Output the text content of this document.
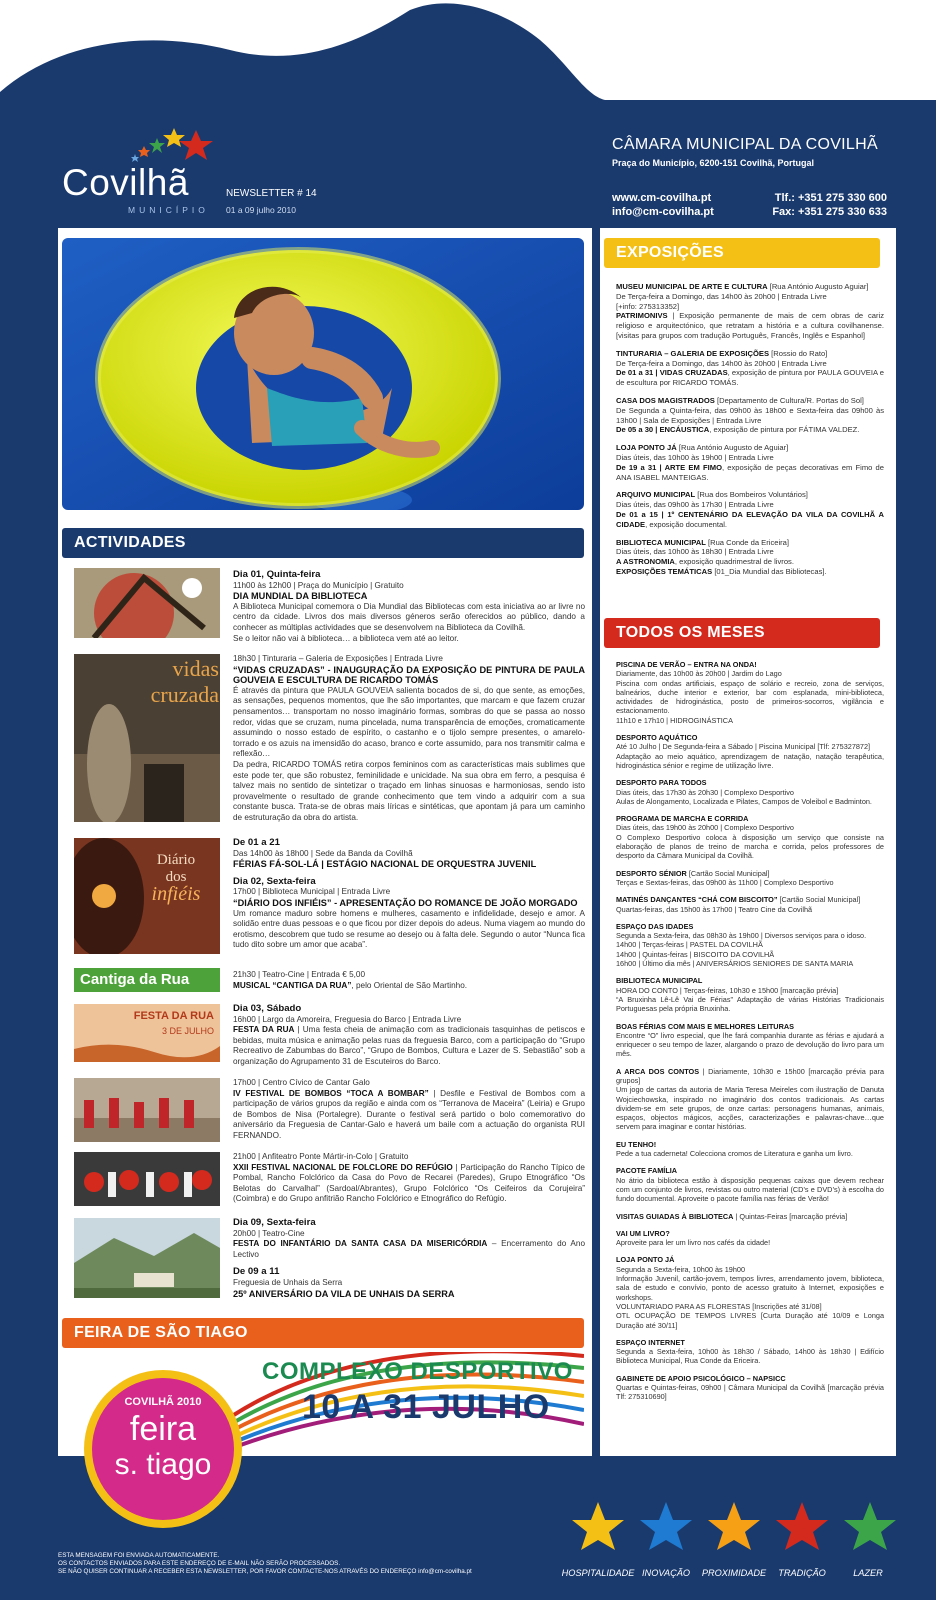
Covilhã
MUNICÍPIO
NEWSLETTER # 14
01 a 09 julho 2010
CÂMARA MUNICIPAL DA COVILHÃ
Praça do Município, 6200-151 Covilhã, Portugal
www.cm-covilha.pt
info@cm-covilha.pt
Tlf.: +351 275 330 600
Fax: +351 275 330 633
ACTIVIDADES
vidas cruzada
Diário
dos
infiéis
Cantiga da Rua
FESTA DA RUA
3 DE JULHO
Dia 01, Quinta-feira
11h00 às 12h00 | Praça do Município | Gratuito
DIA MUNDIAL DA BIBLIOTECA
A Biblioteca Municipal comemora o Dia Mundial das Bibliotecas com esta iniciativa ao ar livre no centro da cidade. Livros dos mais diversos géneros serão oferecidos ao público, dando a conhecer as múltiplas actividades que se desenvolvem na Biblioteca da Covilhã.
Se o leitor não vai à biblioteca… a biblioteca vem até ao leitor.
18h30 | Tinturaria – Galeria de Exposições | Entrada Livre
“VIDAS CRUZADAS” - INAUGURAÇÃO DA EXPOSIÇÃO DE PINTURA DE PAULA GOUVEIA E ESCULTURA DE RICARDO TOMÁS
É através da pintura que PAULA GOUVEIA salienta bocados de si, do que sente, as emoções, as sensações, pequenos momentos, que lhe são importantes, que marcam e que fazem cruzar pensamentos… transportam no nosso imaginário formas, sombras do que se passa ao nosso redor, vidas que se cruzam, numa pincelada, numa transparência de emoções, cromaticamente assumindo o nosso estado de espírito, o castanho e o tijolo sempre presentes, o amarelo-torrado e os azuis na imensidão do acaso, branco e corte assumido, para nos transmitir calma e reflexão…
Da pedra, RICARDO TOMÁS retira corpos femininos com as características mais sublimes que este pode ter, que são robustez, feminilidade e unicidade. Na sua obra em ferro, a pesquisa é talvez mais no sentido de sintetizar o traçado em linhas sinuosas e harmoniosas, sendo isto provavelmente o resultado de grande conhecimento que tem vindo a adquirir com a sua constante busca. Trata-se de obras mais líricas e sintéticas, que apontam já para um caminho de estruturação da obra do artista.
De 01 a 21
Das 14h00 às 18h00 | Sede da Banda da Covilhã
FÉRIAS FÁ-SOL-LÁ | ESTÁGIO NACIONAL DE ORQUESTRA JUVENIL
Dia 02, Sexta-feira
17h00 | Biblioteca Municipal | Entrada Livre
“DIÁRIO DOS INFIÉIS” - APRESENTAÇÃO DO ROMANCE DE JOÃO MORGADO
Um romance maduro sobre homens e mulheres, casamento e infidelidade, desejo e amor. A solidão entre duas pessoas e o que ficou por dizer depois do adeus. Numa viagem ao mundo do erotismo, descobrem que tudo se resume ao desejo ou à falta dele. Segundo o autor “Nunca fica tudo dito sobre um amor que acaba”.
21h30 | Teatro-Cine | Entrada € 5,00
MUSICAL “CANTIGA DA RUA”, pelo Oriental de São Martinho.
Dia 03, Sábado
16h00 | Largo da Amoreira, Freguesia do Barco | Entrada Livre
FESTA DA RUA | Uma festa cheia de animação com as tradicionais tasquinhas de petiscos e bebidas, muita música e animação pelas ruas da freguesia Barco, com a participação do “Grupo Recreativo de Zabumbas do Barco”, “Grupo de Bombos, Cultura e Lazer de S. Sebastião” sob a organização do Agrupamento 31 de Escuteiros do Barco.
17h00 | Centro Cívico de Cantar Galo
IV FESTIVAL DE BOMBOS “TOCA A BOMBAR” | Desfile e Festival de Bombos com a participação de vários grupos da região e ainda com os “Terranova de Maceira” (Leiria) e Grupo de Bombos de Nisa (Portalegre). Durante o festival será partido o bolo comemorativo do aniversário da Freguesia de Cantar-Galo e haverá um baile com a actuação do organista RUI FERNANDO.
21h00 | Anfiteatro Ponte Mártir-in-Colo | Gratuito
XXII FESTIVAL NACIONAL DE FOLCLORE DO REFÚGIO | Participação do Rancho Típico de Pombal, Rancho Folclórico da Casa do Povo de Recarei (Paredes), Grupo Etnográfico “Os Belotas do Carvalhal” (Sardoal/Abrantes), Grupo Folclórico “Os Ceifeiros da Corujeira” (Coimbra) e do Grupo anfitrião Rancho Folclórico e Etnográfico do Refúgio.
Dia 09, Sexta-feira
20h00 | Teatro-Cine
FESTA DO INFANTÁRIO DA SANTA CASA DA MISERICÓRDIA – Encerramento do Ano Lectivo
De 09 a 11
Freguesia de Unhais da Serra
25º ANIVERSÁRIO DA VILA DE UNHAIS DA SERRA
FEIRA DE SÃO TIAGO
COMPLEXO DESPORTIVO
10 A 31 JULHO
COVILHÃ 2010
feira
s. tiago
EXPOSIÇÕES
MUSEU MUNICIPAL DE ARTE E CULTURA [Rua António Augusto Aguiar]
De Terça-feira a Domingo, das 14h00 às 20h00 | Entrada Livre
[+info: 275313352]
PATRIMONIVS | Exposição permanente de mais de cem obras de cariz religioso e arquitectónico, que retratam a história e a cultura covilhanense. [visitas para grupos com tradução Português, Francês, Inglês e Espanhol]
TINTURARIA – GALERIA DE EXPOSIÇÕES [Rossio do Rato]
De Terça-feira a Domingo, das 14h00 às 20h00 | Entrada Livre
De 01 a 31 | VIDAS CRUZADAS, exposição de pintura por PAULA GOUVEIA e de escultura por RICARDO TOMÁS.
CASA DOS MAGISTRADOS [Departamento de Cultura/R. Portas do Sol]
De Segunda a Quinta-feira, das 09h00 às 18h00 e Sexta-feira das 09h00 às 13h00 | Sala de Exposições | Entrada Livre
De 05 a 30 | ENCÁUSTICA, exposição de pintura por FÁTIMA VALDEZ.
LOJA PONTO JÁ [Rua António Augusto de Aguiar]
Dias úteis, das 10h00 às 19h00 | Entrada Livre
De 19 a 31 | ARTE EM FIMO, exposição de peças decorativas em Fimo de ANA ISABEL MANTEIGAS.
ARQUIVO MUNICIPAL [Rua dos Bombeiros Voluntários]
Dias úteis, das 09h00 às 17h30 | Entrada Livre
De 01 a 15 | 1º CENTENÁRIO DA ELEVAÇÃO DA VILA DA COVILHÃ A CIDADE, exposição documental.
BIBLIOTECA MUNICIPAL [Rua Conde da Ericeira]
Dias úteis, das 10h00 às 18h30 | Entrada Livre
A ASTRONOMIA, exposição quadrimestral de livros.
EXPOSIÇÕES TEMÁTICAS [01_Dia Mundial das Bibliotecas].
TODOS OS MESES
PISCINA DE VERÃO – ENTRA NA ONDA!
Diariamente, das 10h00 às 20h00 | Jardim do Lago
Piscina com ondas artificiais, espaço de solário e recreio, zona de serviços, balneários, duche interior e exterior, bar com esplanada, mini-biblioteca, actividades de hidroginástica, posto de primeiros-socorros, vigilância e estacionamento.
11h10 e 17h10 | HIDROGINÁSTICA
DESPORTO AQUÁTICO
Até 10 Julho | De Segunda-feira a Sábado | Piscina Municipal [Tlf: 275327872]
Adaptação ao meio aquático, aprendizagem de natação, natação terapêutica, hidroginástica sénior e regime de utilização livre.
DESPORTO PARA TODOS
Dias úteis, das 17h30 às 20h30 | Complexo Desportivo
Aulas de Alongamento, Localizada e Pilates, Campos de Voleibol e Badminton.
PROGRAMA DE MARCHA E CORRIDA
Dias úteis, das 19h00 às 20h00 | Complexo Desportivo
O Complexo Desportivo coloca à disposição um serviço que consiste na elaboração de planos de treino de marcha e corrida, pelos professores de desporto da Câmara Municipal da Covilhã.
DESPORTO SÉNIOR [Cartão Social Municipal]
Terças e Sextas-feiras, das 09h00 às 11h00 | Complexo Desportivo
MATINÉS DANÇANTES “CHÁ COM BISCOITO” [Cartão Social Municipal]
Quartas-feiras, das 15h00 às 17h00 | Teatro Cine da Covilhã
ESPAÇO DAS IDADES
Segunda a Sexta-feira, das 08h30 às 19h00 | Diversos serviços para o idoso.
14h00 | Terças-feiras | PASTEL DA COVILHÃ
14h00 | Quintas-feiras | BISCOITO DA COVILHÃ
16h00 | Último dia mês | ANIVERSÁRIOS SENIORES DE SANTA MARIA
BIBLIOTECA MUNICIPAL
HORA DO CONTO | Terças-feiras, 10h30 e 15h00 [marcação prévia]
“A Bruxinha Lê-Lê Vai de Férias” Adaptação de várias Histórias Tradicionais Portuguesas pela própria Bruxinha.
BOAS FÉRIAS COM MAIS E MELHORES LEITURAS
Encontre “O” livro especial, que lhe fará companhia durante as férias e ajudará a enriquecer o seu tempo de lazer, alargando o prazo de devolução do livro para um mês.
A ARCA DOS CONTOS | Diariamente, 10h30 e 15h00 [marcação prévia para grupos]
Um jogo de cartas da autoria de Maria Teresa Meireles com ilustração de Danuta Wojciechowska, inspirado no imaginário dos contos tradicionais. As cartas dividem-se em sete grupos, de onze cartas: personagens humanas, animais, espaços, objectos mágicos, acções, caracterizações e palavras-chave…que servem para imaginar e contar histórias.
EU TENHO!
Pede a tua caderneta! Colecciona cromos de Literatura e ganha um livro.
PACOTE FAMÍLIA
No átrio da biblioteca estão à disposição pequenas caixas que devem rechear com um conjunto de livros, revistas ou outro material (CD’s e DVD’s) à escolha do fundo documental. Aproveite o pacote família nas férias de Verão!
VISITAS GUIADAS À BIBLIOTECA | Quintas-Feiras [marcação prévia]
VAI UM LIVRO?
Aproveite para ler um livro nos cafés da cidade!
LOJA PONTO JÁ
Segunda a Sexta-feira, 10h00 às 19h00
Informação Juvenil, cartão-jovem, tempos livres, arrendamento jovem, biblioteca, sala de estudo e convívio, ponto de acesso gratuito à Internet, exposições e workshops.
VOLUNTARIADO PARA AS FLORESTAS [Inscrições até 31/08]
OTL OCUPAÇÃO DE TEMPOS LIVRES [Curta Duração até 10/09 e Longa Duração até 30/11]
ESPAÇO INTERNET
Segunda a Sexta-feira, 10h00 às 18h30 / Sábado, 14h00 às 18h30 | Edifício Biblioteca Municipal, Rua Conde da Ericeira.
GABINETE DE APOIO PSICOLÓGICO – NAPSICC
Quartas e Quintas-feiras, 09h00 | Câmara Municipal da Covilhã [marcação prévia Tlf: 275310690]
ESTA MENSAGEM FOI ENVIADA AUTOMATICAMENTE.
OS CONTACTOS ENVIADOS PARA ESTE ENDEREÇO DE E-MAIL NÃO SERÃO PROCESSADOS.
SE NÃO QUISER CONTINUAR A RECEBER ESTA NEWSLETTER, POR FAVOR CONTACTE-NOS ATRAVÉS DO ENDEREÇO info@cm-covilha.pt	HOSPITALIDADE INOVAÇÃO	PROXIMIDADE	TRADIÇÃO	LAZER
